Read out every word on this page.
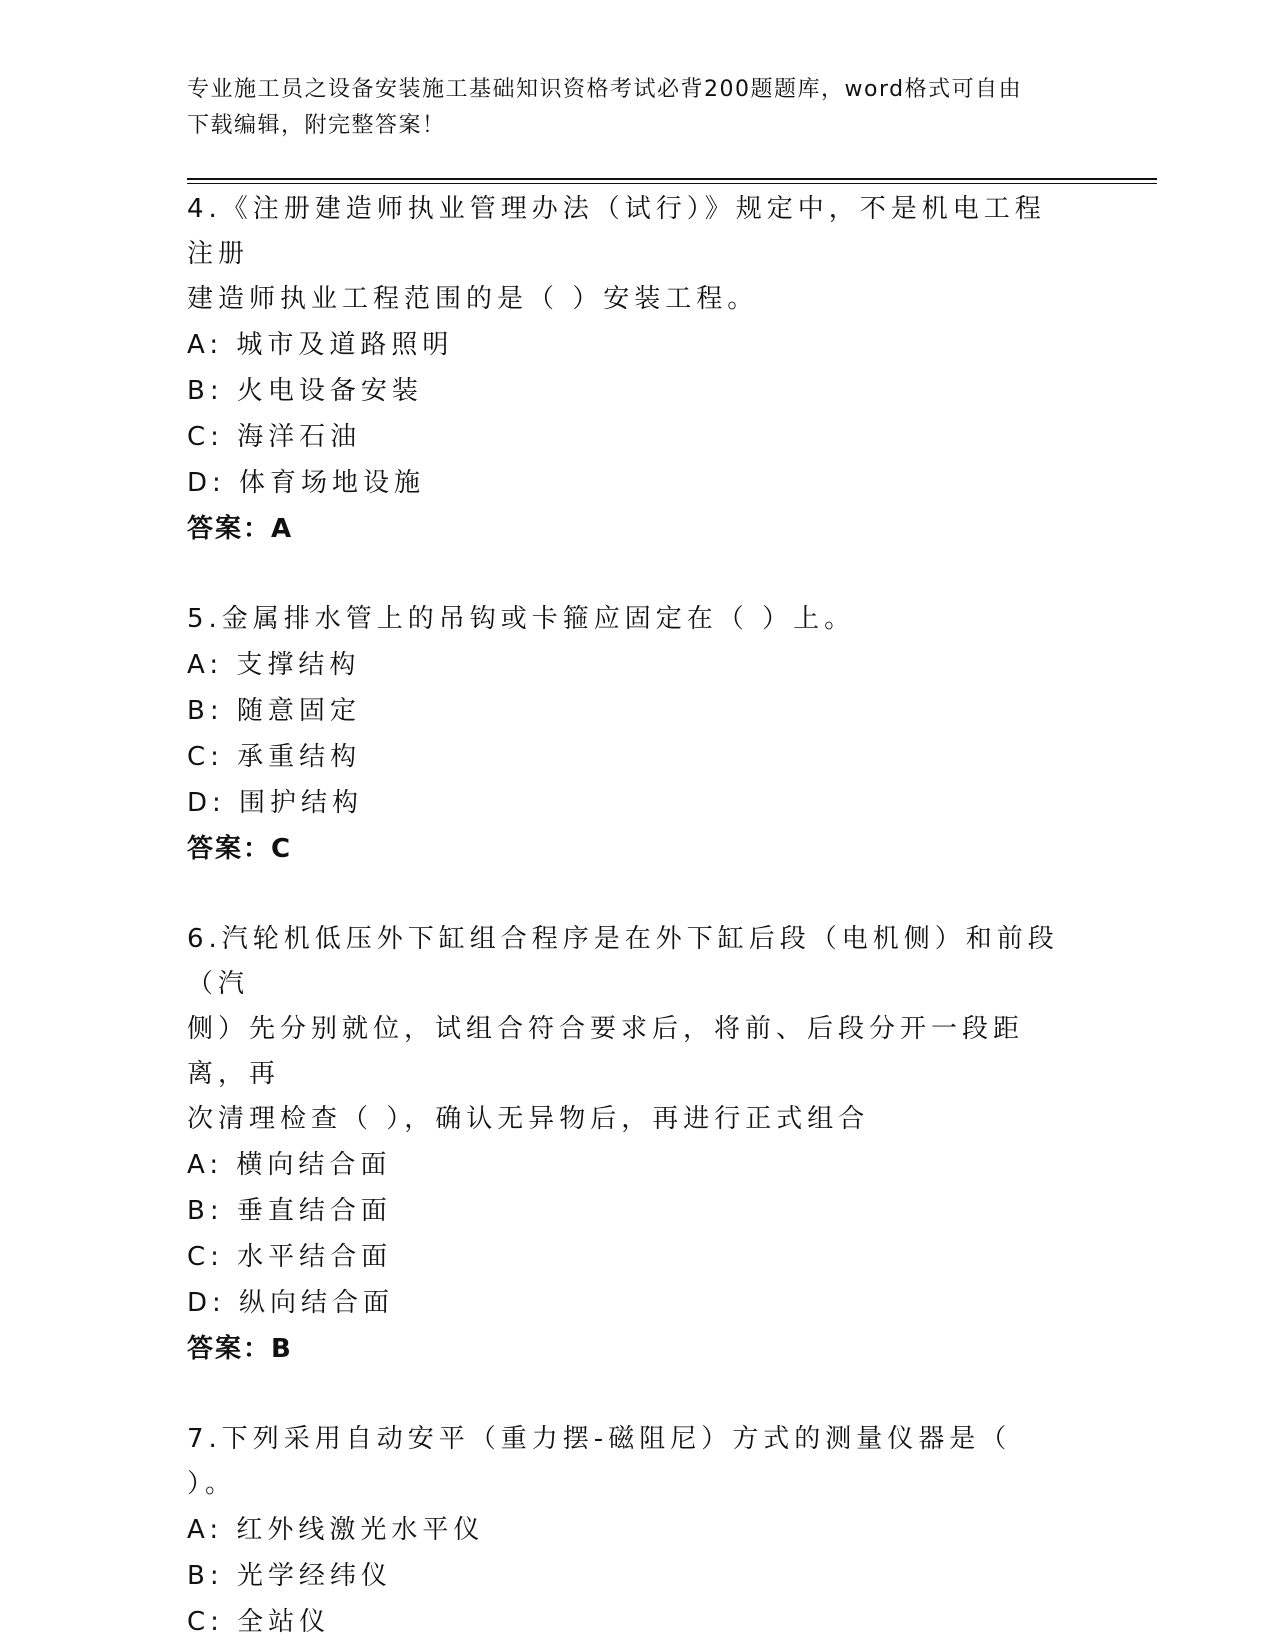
专业施工员之设备安装施工基础知识资格考试必背200题题库，word格式可自由
下载编辑，附完整答案！
4.《注册建造师执业管理办法（试行）》规定中，不是机电工程注册
建造师执业工程范围的是（ ）安装工程。
A: 城市及道路照明
B: 火电设备安装
C: 海洋石油
D: 体育场地设施
答案：A
5.金属排水管上的吊钩或卡箍应固定在（ ）上。
A: 支撑结构
B: 随意固定
C: 承重结构
D: 围护结构
答案：C
6.汽轮机低压外下缸组合程序是在外下缸后段（电机侧）和前段（汽
侧）先分别就位，试组合符合要求后，将前、后段分开一段距离，再
次清理检查（ ），确认无异物后，再进行正式组合
A: 横向结合面
B: 垂直结合面
C: 水平结合面
D: 纵向结合面
答案：B
7.下列采用自动安平（重力摆-磁阻尼）方式的测量仪器是（ ）。
A: 红外线激光水平仪
B: 光学经纬仪
C: 全站仪
